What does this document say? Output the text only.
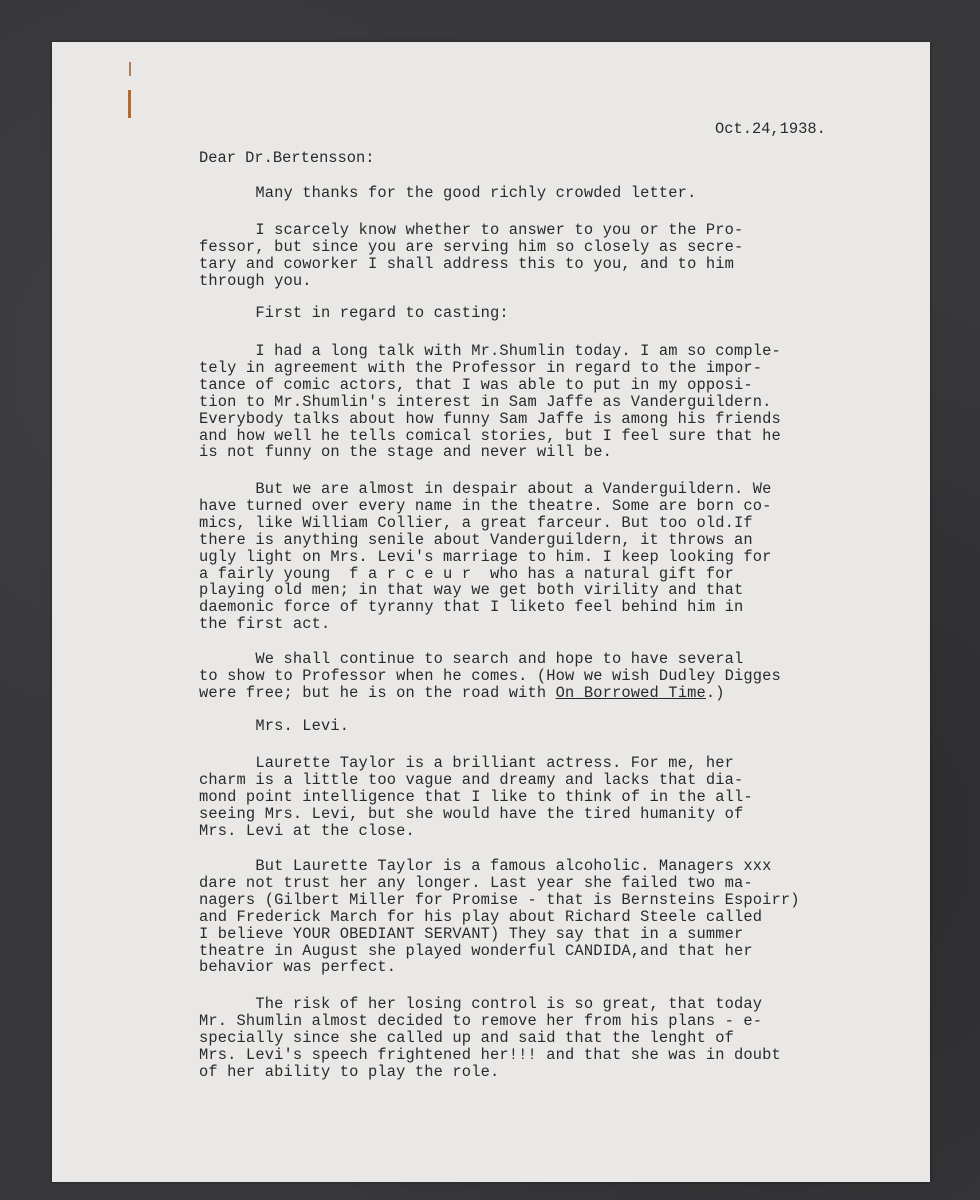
Oct.24,1938.
Dear Dr.Bertensson:
Many thanks for the good richly crowded letter.
I scarcely know whether to answer to you or the Pro-
fessor, but since you are serving him so closely as secre-
tary and coworker I shall address this to you, and to him
through you.
First in regard to casting:
I had a long talk with Mr.Shumlin today. I am so comple-
tely in agreement with the Professor in regard to the impor-
tance of comic actors, that I was able to put in my opposi-
tion to Mr.Shumlin's interest in Sam Jaffe as Vanderguildern.
Everybody talks about how funny Sam Jaffe is among his friends
and how well he tells comical stories, but I feel sure that he
is not funny on the stage and never will be.
But we are almost in despair about a Vanderguildern. We
have turned over every name in the theatre. Some are born co-
mics, like William Collier, a great farceur. But too old.If
there is anything senile about Vanderguildern, it throws an
ugly light on Mrs. Levi's marriage to him. I keep looking for
a fairly young  f a r c e u r  who has a natural gift for
playing old men; in that way we get both virility and that
daemonic force of tyranny that I liketo feel behind him in
the first act.
We shall continue to search and hope to have several
to show to Professor when he comes. (How we wish Dudley Digges
were free; but he is on the road with On Borrowed Time.)
Mrs. Levi.
Laurette Taylor is a brilliant actress. For me, her
charm is a little too vague and dreamy and lacks that dia-
mond point intelligence that I like to think of in the all-
seeing Mrs. Levi, but she would have the tired humanity of
Mrs. Levi at the close.
But Laurette Taylor is a famous alcoholic. Managers xxx
dare not trust her any longer. Last year she failed two ma-
nagers (Gilbert Miller for Promise - that is Bernsteins Espoirr)
and Frederick March for his play about Richard Steele called
I believe YOUR OBEDIANT SERVANT) They say that in a summer
theatre in August she played wonderful CANDIDA,and that her
behavior was perfect.
The risk of her losing control is so great, that today
Mr. Shumlin almost decided to remove her from his plans - e-
specially since she called up and said that the lenght of
Mrs. Levi's speech frightened her!!! and that she was in doubt
of her ability to play the role.
